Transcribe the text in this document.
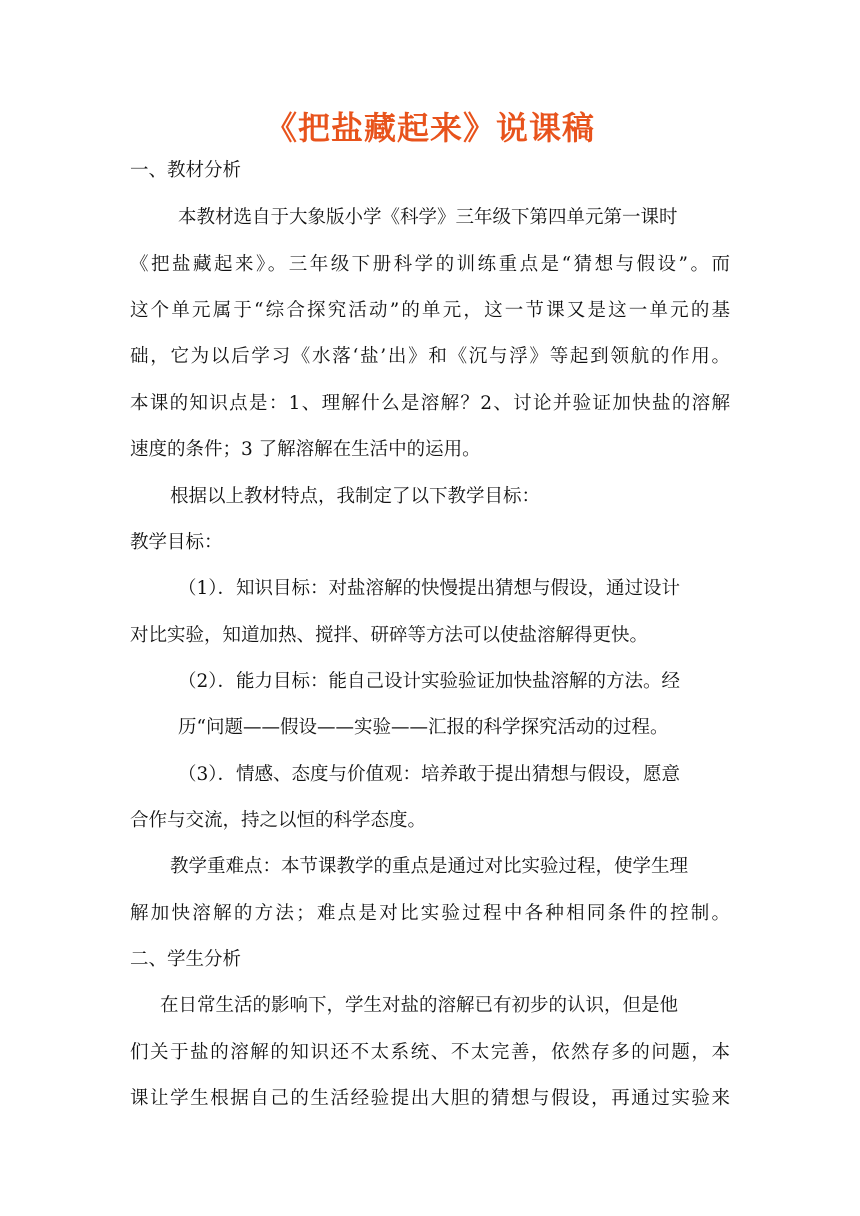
《把盐藏起来》说课稿

一、教材分析

本教材选自于大象版小学《科学》三年级下第四单元第一课时

《把盐藏起来》。三年级下册科学的训练重点是“猜想与假设”。而

这个单元属于“综合探究活动”的单元，这一节课又是这一单元的基

础，它为以后学习《水落‘盐’出》和《沉与浮》等起到领航的作用。

本课的知识点是：1、理解什么是溶解？2、讨论并验证加快盐的溶解

速度的条件；3 了解溶解在生活中的运用。

根据以上教材特点，我制定了以下教学目标：

教学目标：

（1）．知识目标：对盐溶解的快慢提出猜想与假设，通过设计

对比实验，知道加热、搅拌、研碎等方法可以使盐溶解得更快。

（2）．能力目标：能自己设计实验验证加快盐溶解的方法。经

历“问题——假设——实验——汇报的科学探究活动的过程。

（3）．情感、态度与价值观：培养敢于提出猜想与假设，愿意

合作与交流，持之以恒的科学态度。

教学重难点：本节课教学的重点是通过对比实验过程，使学生理

解加快溶解的方法；难点是对比实验过程中各种相同条件的控制。

二、学生分析

在日常生活的影响下，学生对盐的溶解已有初步的认识，但是他

们关于盐的溶解的知识还不太系统、不太完善，依然存多的问题，本

课让学生根据自己的生活经验提出大胆的猜想与假设，再通过实验来
